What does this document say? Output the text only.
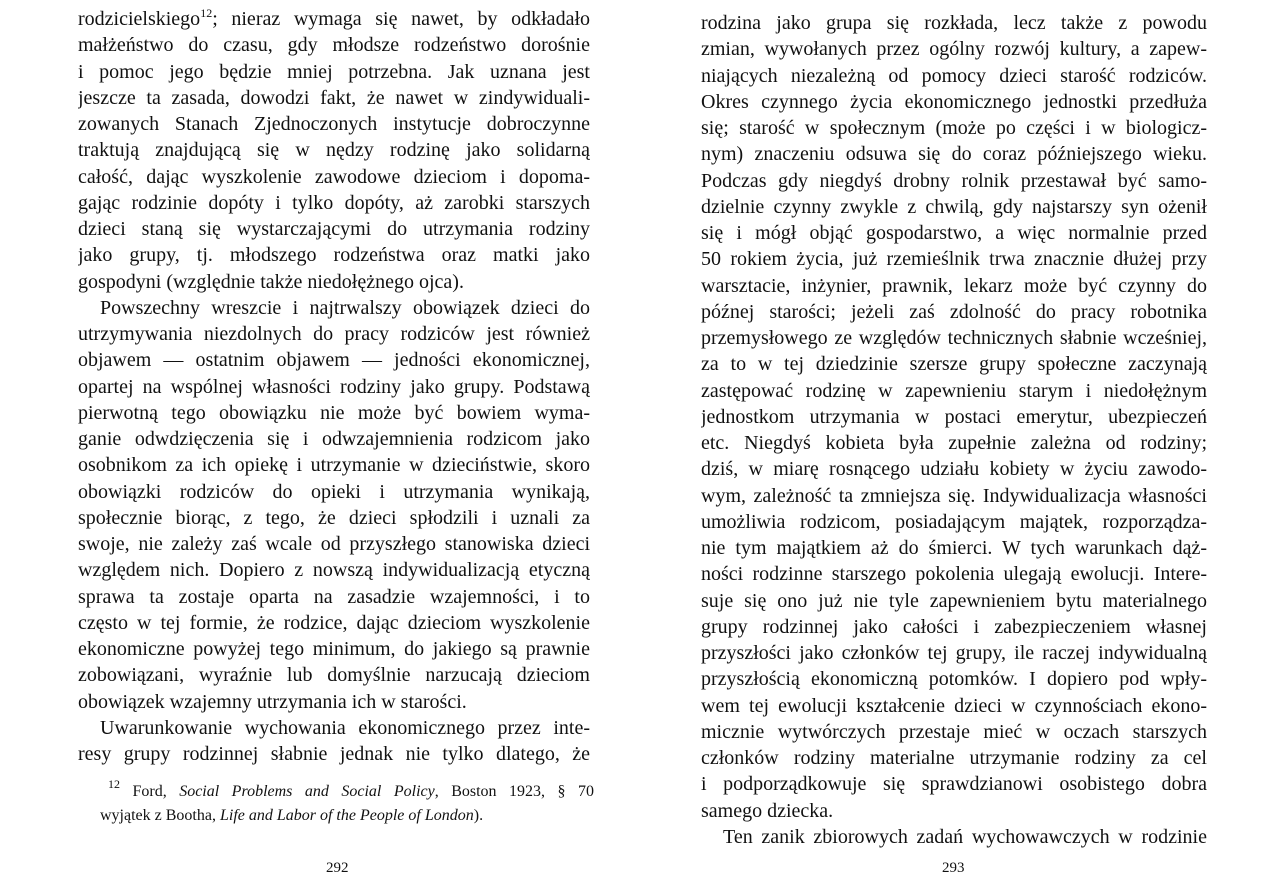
rodzicielskiego$^{12}$; nieraz wymaga się nawet, by odkładało
małżeństwo do czasu, gdy młodsze rodzeństwo dorośnie
i pomoc jego będzie mniej potrzebna. Jak uznana jest
jeszcze ta zasada, dowodzi fakt, że nawet w zindywiduali-
zowanych Stanach Zjednoczonych instytucje dobroczynne
traktują znajdującą się w nędzy rodzinę jako solidarną
całość, dając wyszkolenie zawodowe dzieciom i dopoma-
gając rodzinie dopóty i tylko dopóty, aż zarobki starszych
dzieci staną się wystarczającymi do utrzymania rodziny
jako grupy, tj. młodszego rodzeństwa oraz matki jako
gospodyni (względnie także niedołężnego ojca).
Powszechny wreszcie i najtrwalszy obowiązek dzieci do
utrzymywania niezdolnych do pracy rodziców jest również
objawem — ostatnim objawem — jedności ekonomicznej,
opartej na wspólnej własności rodziny jako grupy. Podstawą
pierwotną tego obowiązku nie może być bowiem wyma-
ganie odwdzięczenia się i odwzajemnienia rodzicom jako
osobnikom za ich opiekę i utrzymanie w dzieciństwie, skoro
obowiązki rodziców do opieki i utrzymania wynikają,
społecznie biorąc, z tego, że dzieci spłodzili i uznali za
swoje, nie zależy zaś wcale od przyszłego stanowiska dzieci
względem nich. Dopiero z nowszą indywidualizacją etyczną
sprawa ta zostaje oparta na zasadzie wzajemności, i to
często w tej formie, że rodzice, dając dzieciom wyszkolenie
ekonomiczne powyżej tego minimum, do jakiego są prawnie
zobowiązani, wyraźnie lub domyślnie narzucają dzieciom
obowiązek wzajemny utrzymania ich w starości.
Uwarunkowanie wychowania ekonomicznego przez inte-
resy grupy rodzinnej słabnie jednak nie tylko dlatego, że
$^{12}$ Ford, Social Problems and Social Policy, Boston 1923, § 70
wyjątek z Bootha, Life and Labor of the People of London).
292
rodzina jako grupa się rozkłada, lecz także z powodu
zmian, wywołanych przez ogólny rozwój kultury, a zapew-
niających niezależną od pomocy dzieci starość rodziców.
Okres czynnego życia ekonomicznego jednostki przedłuża
się; starość w społecznym (może po części i w biologicz-
nym) znaczeniu odsuwa się do coraz późniejszego wieku.
Podczas gdy niegdyś drobny rolnik przestawał być samo-
dzielnie czynny zwykle z chwilą, gdy najstarszy syn ożenił
się i mógł objąć gospodarstwo, a więc normalnie przed
50 rokiem życia, już rzemieślnik trwa znacznie dłużej przy
warsztacie, inżynier, prawnik, lekarz może być czynny do
późnej starości; jeżeli zaś zdolność do pracy robotnika
przemysłowego ze względów technicznych słabnie wcześniej,
za to w tej dziedzinie szersze grupy społeczne zaczynają
zastępować rodzinę w zapewnieniu starym i niedołężnym
jednostkom utrzymania w postaci emerytur, ubezpieczeń
etc. Niegdyś kobieta była zupełnie zależna od rodziny;
dziś, w miarę rosnącego udziału kobiety w życiu zawodo-
wym, zależność ta zmniejsza się. Indywidualizacja własności
umożliwia rodzicom, posiadającym majątek, rozporządza-
nie tym majątkiem aż do śmierci. W tych warunkach dąż-
ności rodzinne starszego pokolenia ulegają ewolucji. Intere-
suje się ono już nie tyle zapewnieniem bytu materialnego
grupy rodzinnej jako całości i zabezpieczeniem własnej
przyszłości jako członków tej grupy, ile raczej indywidualną
przyszłością ekonomiczną potomków. I dopiero pod wpły-
wem tej ewolucji kształcenie dzieci w czynnościach ekono-
micznie wytwórczych przestaje mieć w oczach starszych
członków rodziny materialne utrzymanie rodziny za cel
i podporządkowuje się sprawdzianowi osobistego dobra
samego dziecka.
Ten zanik zbiorowych zadań wychowawczych w rodzinie
293
